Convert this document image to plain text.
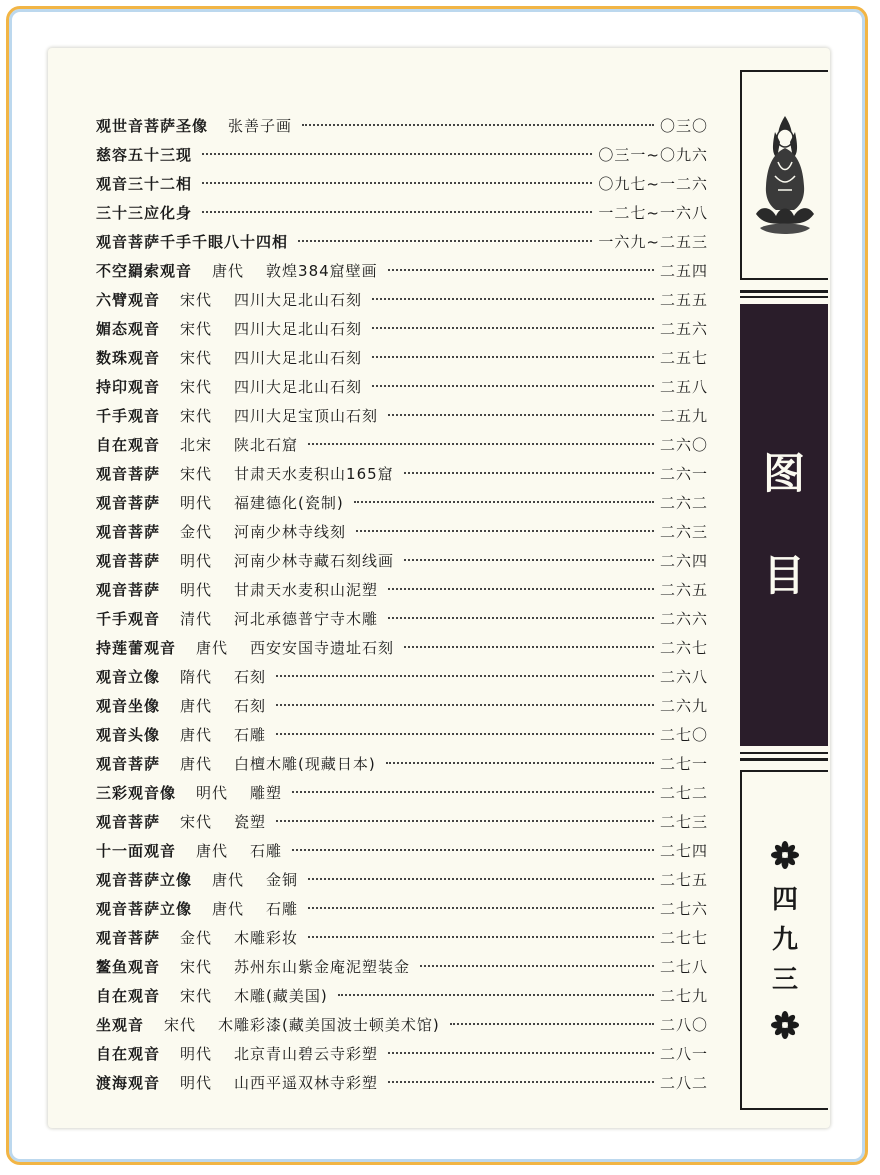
观世音菩萨圣像 张善子画	〇三〇
慈容五十三现	〇三一~〇九六
观音三十二相	〇九七~一二六
三十三应化身	一二七~一六八
观音菩萨千手千眼八十四相	一六九~二五三
不空羂索观音 唐代 敦煌384窟壁画	二五四
六臂观音 宋代 四川大足北山石刻	二五五
媚态观音 宋代 四川大足北山石刻	二五六
数珠观音 宋代 四川大足北山石刻	二五七
持印观音 宋代 四川大足北山石刻	二五八
千手观音 宋代 四川大足宝顶山石刻	二五九
自在观音 北宋 陕北石窟	二六〇
观音菩萨 宋代 甘肃天水麦积山165窟	二六一
观音菩萨 明代 福建德化(瓷制)	二六二
观音菩萨 金代 河南少林寺线刻	二六三
观音菩萨 明代 河南少林寺藏石刻线画	二六四
观音菩萨 明代 甘肃天水麦积山泥塑	二六五
千手观音 清代 河北承德普宁寺木雕	二六六
持莲蕾观音 唐代 西安安国寺遗址石刻	二六七
观音立像 隋代 石刻	二六八
观音坐像 唐代 石刻	二六九
观音头像 唐代 石雕	二七〇
观音菩萨 唐代 白檀木雕(现藏日本)	二七一
三彩观音像 明代 雕塑	二七二
观音菩萨 宋代 瓷塑	二七三
十一面观音 唐代 石雕	二七四
观音菩萨立像 唐代 金铜	二七五
观音菩萨立像 唐代 石雕	二七六
观音菩萨 金代 木雕彩妆	二七七
鳌鱼观音 宋代 苏州东山紫金庵泥塑装金	二七八
自在观音 宋代 木雕(藏美国)	二七九
坐观音 宋代 木雕彩漆(藏美国波士顿美术馆)	二八〇
自在观音 明代 北京青山碧云寺彩塑	二八一
渡海观音 明代 山西平遥双林寺彩塑	二八二
图
目
四
九
三
